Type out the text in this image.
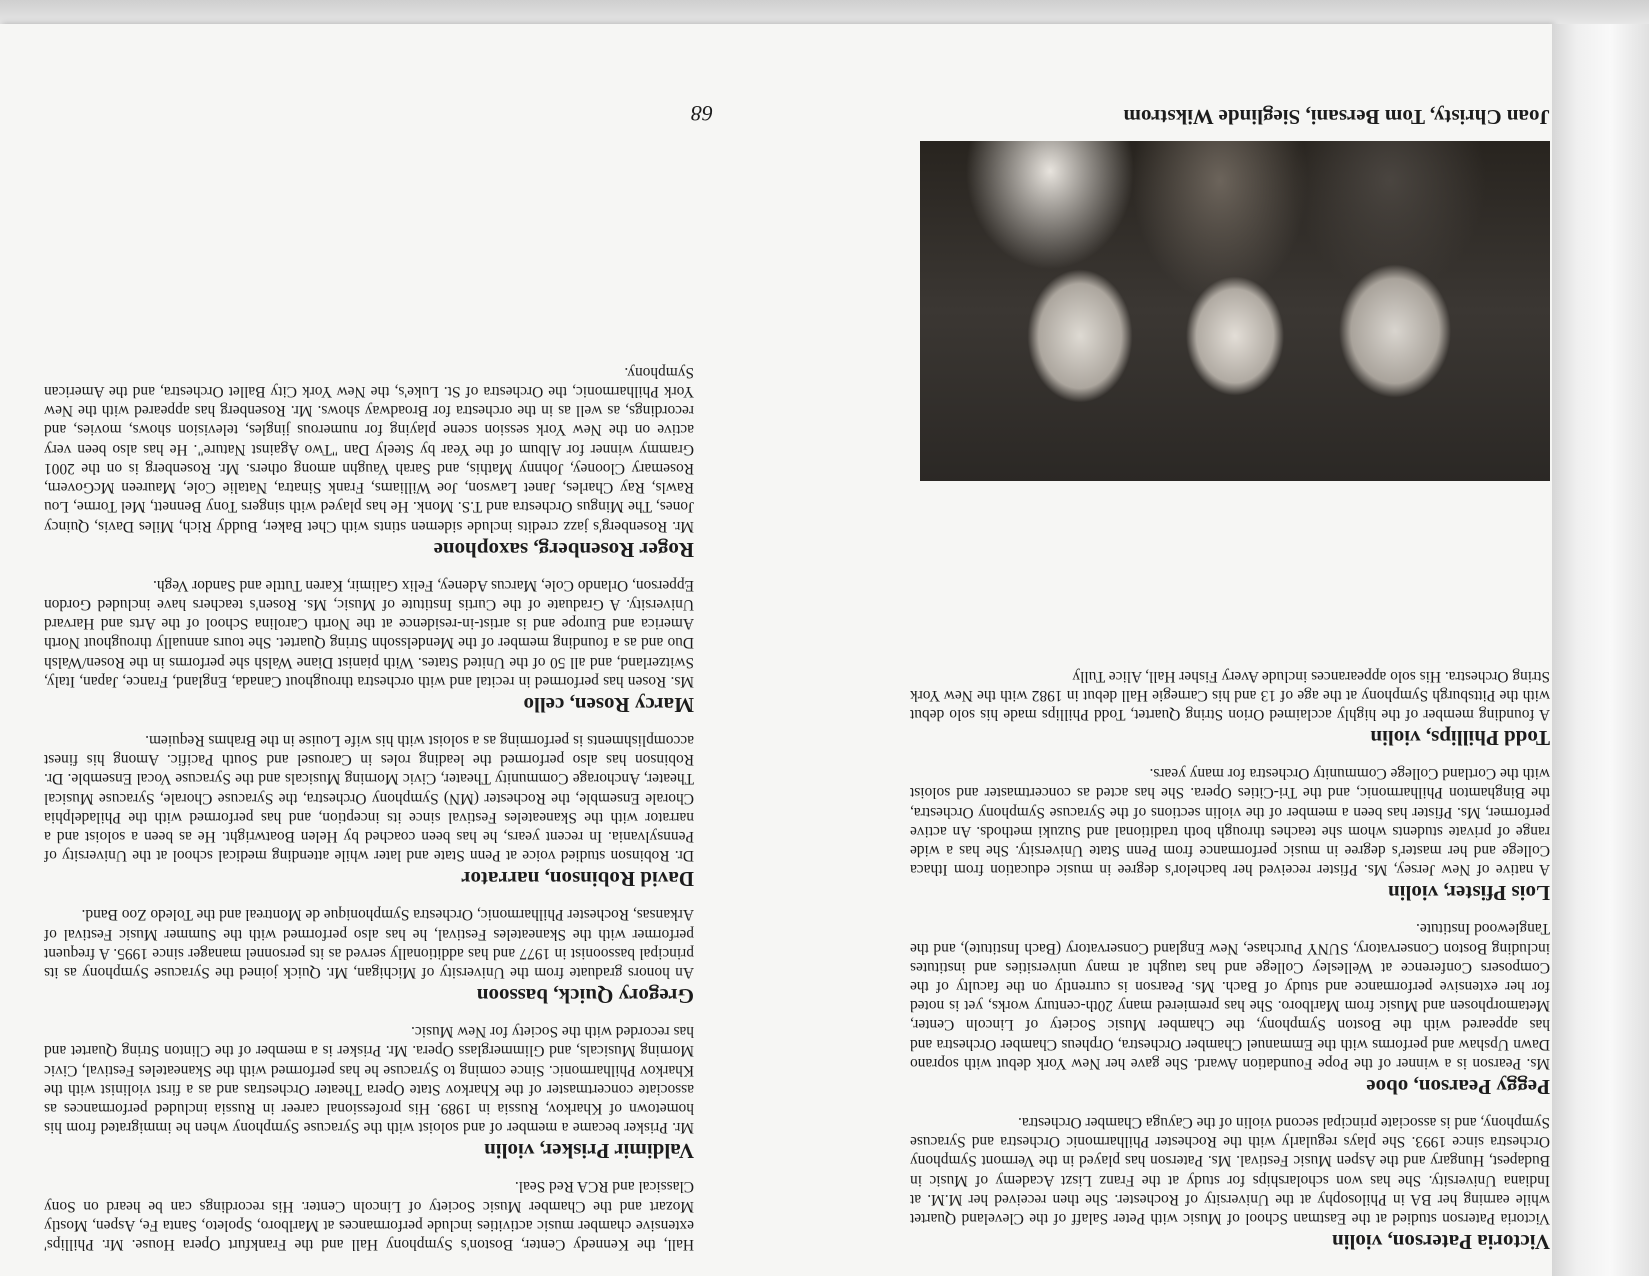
Victoria Paterson, violin

Victoria Paterson studied at the Eastman School of Music with Peter Salaff of the Cleveland Quartet while earning her BA in Philosophy at the University of Rochester. She then received her M.M. at Indiana University. She has won scholarships for study at the Franz Liszt Academy of Music in Budapest, Hungary and the Aspen Music Festival. Ms. Paterson has played in the Vermont Symphony Orchestra since 1993. She plays regularly with the Rochester Philharmonic Orchestra and Syracuse Symphony, and is associate principal second violin of the Cayuga Chamber Orchestra.

Peggy Pearson, oboe

Ms. Pearson is a winner of the Pope Foundation Award. She gave her New York debut with soprano Dawn Upshaw and performs with the Emmanuel Chamber Orchestra, Orpheus Chamber Orchestra and has appeared with the Boston Symphony, the Chamber Music Society of Lincoln Center, Metamorphosen and Music from Marlboro. She has premiered many 20th-century works, yet is noted for her extensive performance and study of Bach. Ms. Pearson is currently on the faculty of the Composers Conference at Wellesley College and has taught at many universities and institutes including Boston Conservatory, SUNY Purchase, New England Conservatory (Bach Institute), and the Tanglewood Institute.

Lois Pfister, violin

A native of New Jersey, Ms. Pfister received her bachelor's degree in music education from Ithaca College and her master's degree in music performance from Penn State University. She has a wide range of private students whom she teaches through both traditional and Suzuki methods. An active performer, Ms. Pfister has been a member of the violin sections of the Syracuse Symphony Orchestra, the Binghamton Philharmonic, and the Tri-Cities Opera. She has acted as concertmaster and soloist with the Cortland College Community Orchestra for many years.

Todd Phillips, violin

A founding member of the highly acclaimed Orion String Quartet, Todd Phillips made his solo debut with the Pittsburgh Symphony at the age of 13 and his Carnegie Hall debut in 1982 with the New York String Orchestra. His solo appearances include Avery Fisher Hall, Alice Tully

Joan Christy, Tom Bersani, Sieglinde Wikstrom
68

Hall, the Kennedy Center, Boston's Symphony Hall and the Frankfurt Opera House. Mr. Phillips' extensive chamber music activities include performances at Marlboro, Spoleto, Santa Fe, Aspen, Mostly Mozart and the Chamber Music Society of Lincoln Center. His recordings can be heard on Sony Classical and RCA Red Seal.

Valdimir Prisker, violin

Mr. Prisker became a member of and soloist with the Syracuse Symphony when he immigrated from his hometown of Kharkov, Russia in 1989. His professional career in Russia included performances as associate concertmaster of the Kharkov State Opera Theater Orchestras and as a first violinist with the Kharkov Philharmonic. Since coming to Syracuse he has performed with the Skaneateles Festival, Civic Morning Musicals, and Glimmerglass Opera. Mr. Prisker is a member of the Clinton String Quartet and has recorded with the Society for New Music.

Gregory Quick, bassoon

An honors graduate from the University of Michigan, Mr. Quick joined the Syracuse Symphony as its principal bassoonist in 1977 and has additionally served as its personnel manager since 1995. A frequent performer with the Skaneateles Festival, he has also performed with the Summer Music Festival of Arkansas, Rochester Philharmonic, Orchestra Symphonique de Montreal and the Toledo Zoo Band.

David Robinson, narrator

Dr. Robinson studied voice at Penn State and later while attending medical school at the University of Pennsylvania. In recent years, he has been coached by Helen Boatwright. He as been a soloist and a narrator with the Skaneateles Festival since its inception, and has performed with the Philadelphia Chorale Ensemble, the Rochester (MN) Symphony Orchestra, the Syracuse Chorale, Syracuse Musical Theater, Anchorage Community Theater, Civic Morning Musicals and the Syracuse Vocal Ensemble. Dr. Robinson has also performed the leading roles in Carousel and South Pacific. Among his finest accomplishments is performing as a soloist with his wife Louise in the Brahms Requiem.

Marcy Rosen, cello

Ms. Rosen has performed in recital and with orchestra throughout Canada, England, France, Japan, Italy, Switzerland, and all 50 of the United States. With pianist Diane Walsh she performs in the Rosen/Walsh Duo and as a founding member of the Mendelssohn String Quartet. She tours annually throughout North America and Europe and is artist-in-residence at the North Carolina School of the Arts and Harvard University. A Graduate of the Curtis Institute of Music, Ms. Rosen's teachers have included Gordon Epperson, Orlando Cole, Marcus Adeney, Felix Galimir, Karen Tuttle and Sandor Vegh.

Roger Rosenberg, saxophone

Mr. Rosenberg's jazz credits include sidemen stints with Chet Baker, Buddy Rich, Miles Davis, Quincy Jones, The Mingus Orchestra and T.S. Monk. He has played with singers Tony Bennett, Mel Torme, Lou Rawls, Ray Charles, Janet Lawson, Joe Williams, Frank Sinatra, Natalie Cole, Maureen McGovern, Rosemary Clooney, Johnny Mathis, and Sarah Vaughn among others. Mr. Rosenberg is on the 2001 Grammy winner for Album of the Year by Steely Dan "Two Against Nature". He has also been very active on the New York session scene playing for numerous jingles, television shows, movies, and recordings, as well as in the orchestra for Broadway shows. Mr. Rosenberg has appeared with the New York Philharmonic, the Orchestra of St. Luke's, the New York City Ballet Orchestra, and the American Symphony.
